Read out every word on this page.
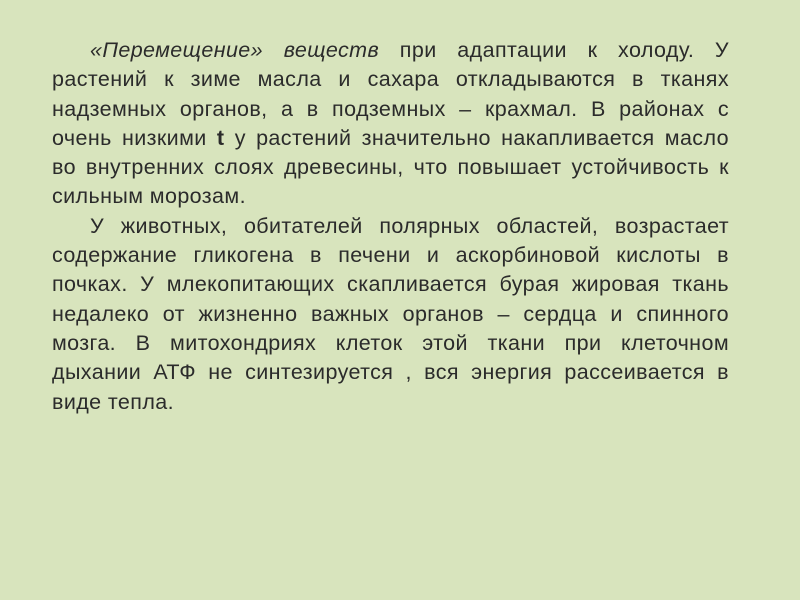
«Перемещение» веществ при адаптации к холоду. У растений к зиме масла и сахара откладываются в тканях надземных органов, а в подземных – крахмал. В районах с очень низкими t у растений значительно накапливается масло во внутренних слоях древесины, что повышает устойчивость к сильным морозам.

У животных, обитателей полярных областей, возрастает содержание гликогена в печени и аскорбиновой кислоты в почках. У млекопитающих скапливается бурая жировая ткань недалеко от жизненно важных органов – сердца и спинного мозга. В митохондриях клеток этой ткани при клеточном дыхании АТФ не синтезируется , вся энергия рассеивается в виде тепла.
